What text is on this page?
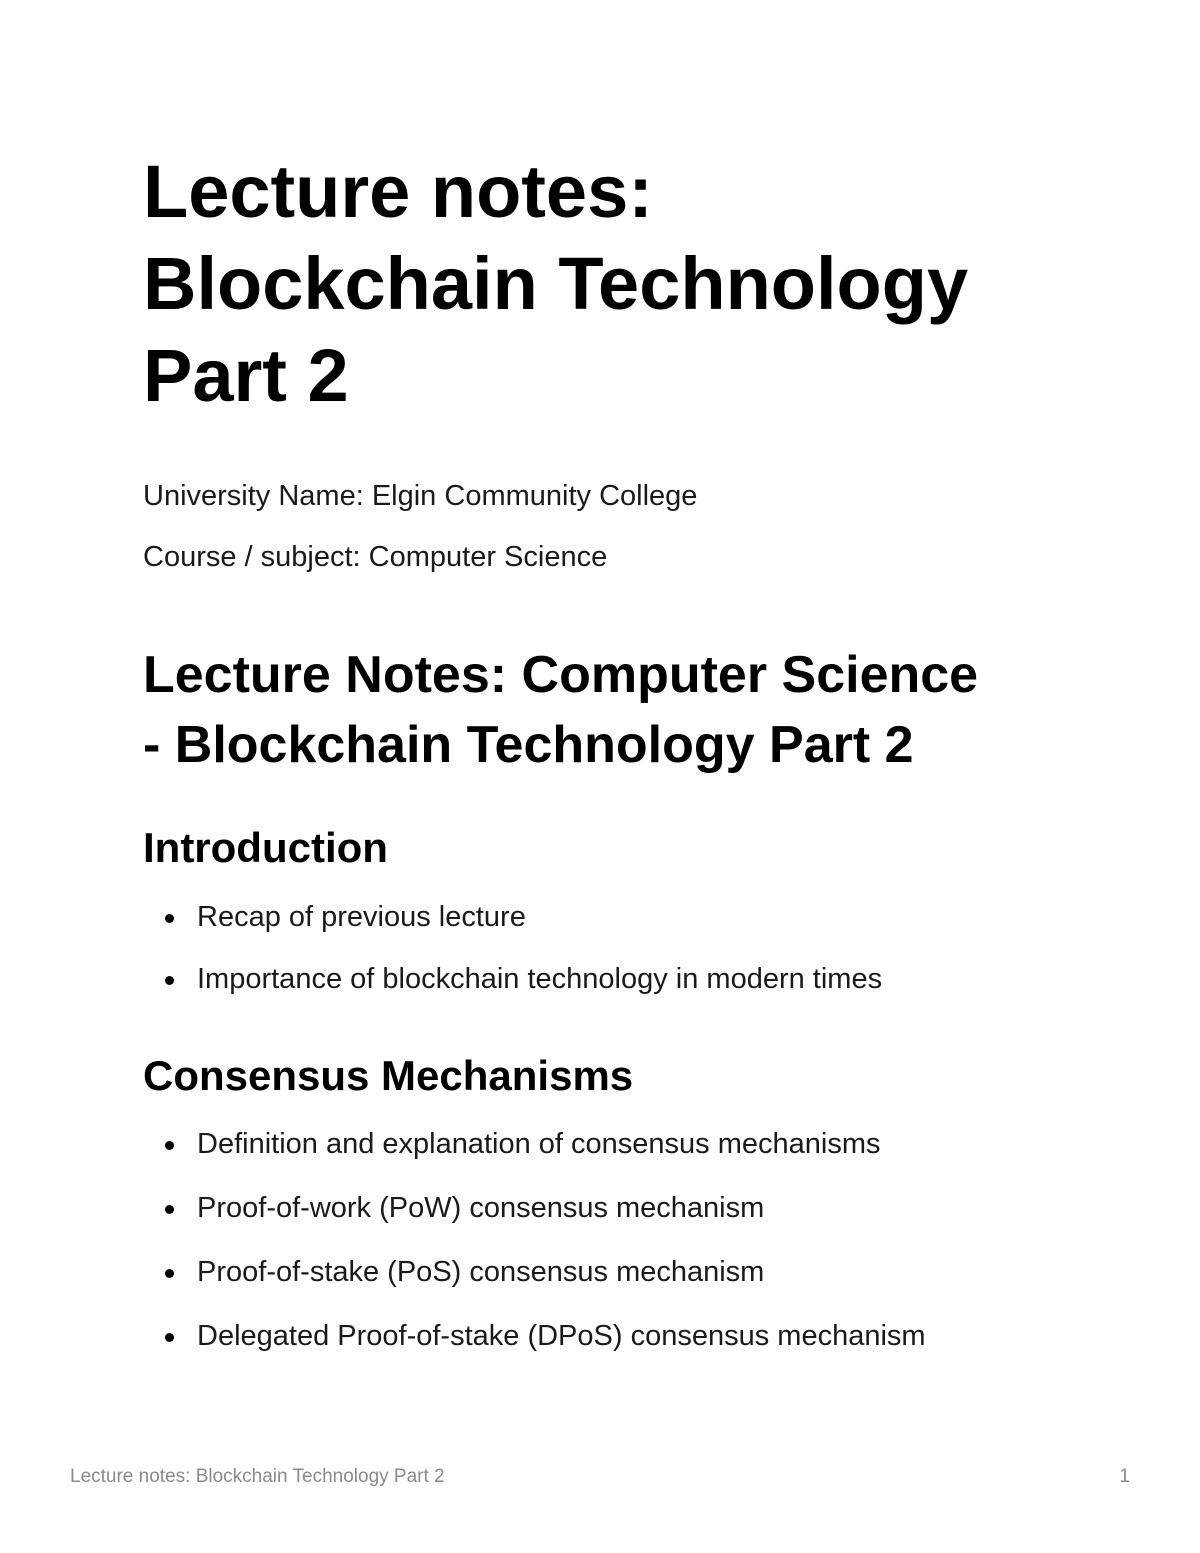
Lecture notes:
Blockchain Technology
Part 2

University Name: Elgin Community College

Course / subject: Computer Science

Lecture Notes: Computer Science
- Blockchain Technology Part 2
Introduction
Recap of previous lecture
Importance of blockchain technology in modern times
Consensus Mechanisms
Definition and explanation of consensus mechanisms
Proof-of-work (PoW) consensus mechanism
Proof-of-stake (PoS) consensus mechanism
Delegated Proof-of-stake (DPoS) consensus mechanism
Lecture notes: Blockchain Technology Part 2	1
